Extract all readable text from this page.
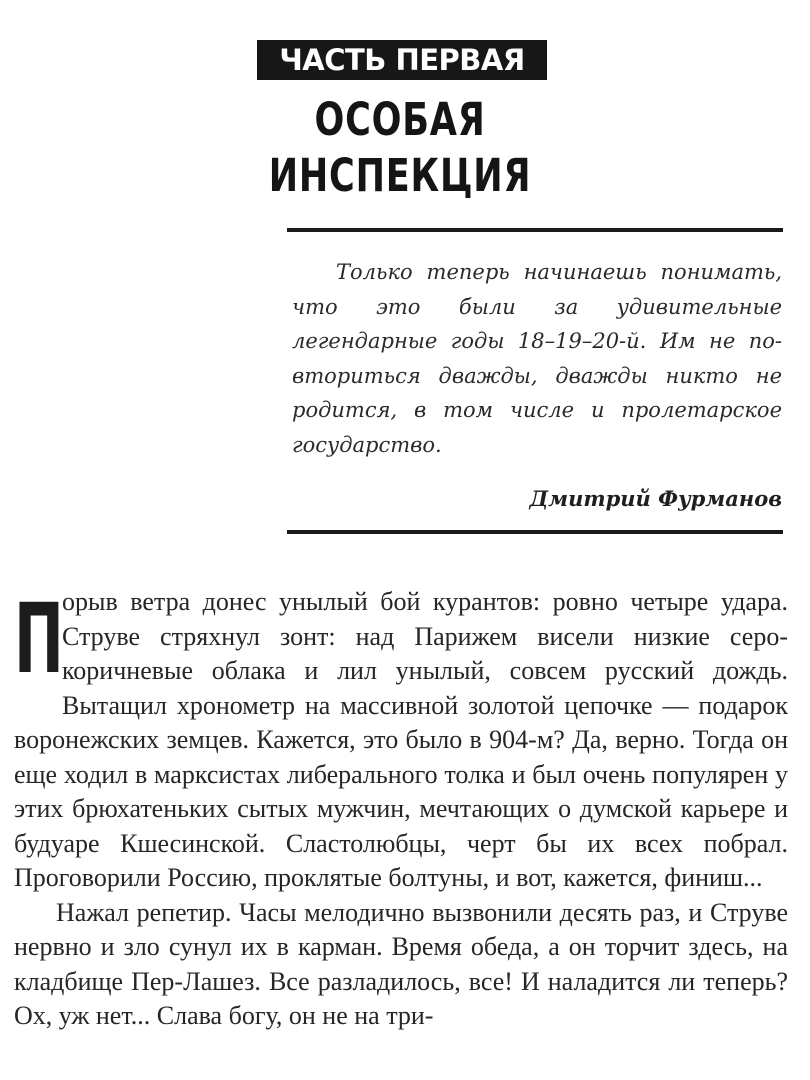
ЧАСТЬ ПЕРВАЯ
ОСОБАЯ ИНСПЕКЦИЯ

Только теперь начинаешь понимать, что это были за удивительные легендарные годы 18–19–20-й. Им не повториться дважды, дважды никто не родится, в том числе и пролетарское государство.

Дмитрий Фурманов

П

орыв ветра донес унылый бой курантов: ровно четыре удара. Струве стряхнул зонт: над Парижем висели низкие серо-коричневые облака и лил унылый, совсем русский дождь. Вытащил хронометр на массивной золотой цепочке — подарок воронежских земцев. Кажется, это было в 904-м? Да, верно. Тогда он еще ходил в марксистах либерального толка и был очень популярен у этих брюхатеньких сытых мужчин, мечтающих о думской карьере и будуаре Кшесинской. Сластолюбцы, черт бы их всех побрал. Проговорили Россию, проклятые болтуны, и вот, кажется, финиш...

Нажал репетир. Часы мелодично вызвонили десять раз, и Струве нервно и зло сунул их в карман. Время обеда, а он торчит здесь, на кладбище Пер-Лашез. Все разладилось, все! И наладится ли теперь? Ох, уж нет... Слава богу, он не на три-
